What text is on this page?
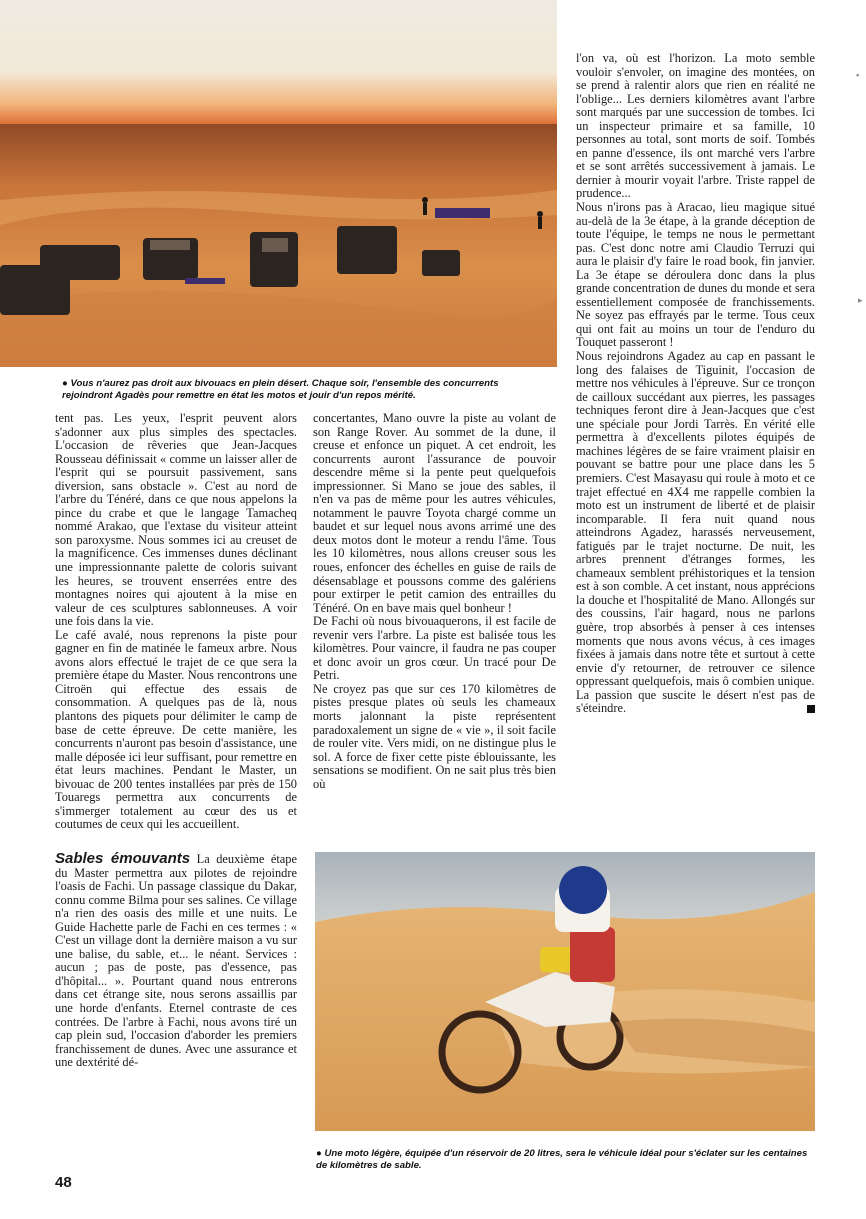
● Vous n'aurez pas droit aux bivouacs en plein désert. Chaque soir, l'ensemble des concurrents rejoindront Agadès pour remettre en état les motos et jouir d'un repos mérité.

tent pas. Les yeux, l'esprit peuvent alors s'adonner aux plus simples des spectacles. L'occasion de rêveries que Jean-Jacques Rousseau définissait « comme un laisser aller de l'esprit qui se poursuit passivement, sans diversion, sans obstacle ». C'est au nord de l'arbre du Ténéré, dans ce que nous appelons la pince du crabe et que le langage Tamacheq nommé Arakao, que l'extase du visiteur atteint son paroxysme. Nous sommes ici au creuset de la magnificence. Ces immenses dunes déclinant une impressionnante palette de coloris suivant les heures, se trouvent enserrées entre des montagnes noires qui ajoutent à la mise en valeur de ces sculptures sablonneuses. A voir une fois dans la vie.

Le café avalé, nous reprenons la piste pour gagner en fin de matinée le fameux arbre. Nous avons alors effectué le trajet de ce que sera la première étape du Master. Nous rencontrons une Citroën qui effectue des essais de consommation. A quelques pas de là, nous plantons des piquets pour délimiter le camp de base de cette épreuve. De cette manière, les concurrents n'auront pas besoin d'assistance, une malle déposée ici leur suffisant, pour remettre en état leurs machines. Pendant le Master, un bivouac de 200 tentes installées par près de 150 Touaregs permettra aux concurrents de s'immerger totalement au cœur des us et coutumes de ceux qui les accueillent.

Sables émouvants La deuxième étape du Master permettra aux pilotes de rejoindre l'oasis de Fachi. Un passage classique du Dakar, connu comme Bilma pour ses salines. Ce village n'a rien des oasis des mille et une nuits. Le Guide Hachette parle de Fachi en ces termes : « C'est un village dont la dernière maison a vu sur une balise, du sable, et... le néant. Services : aucun ; pas de poste, pas d'essence, pas d'hôpital... ». Pourtant quand nous entrerons dans cet étrange site, nous serons assaillis par une horde d'enfants. Eternel contraste de ces contrées. De l'arbre à Fachi, nous avons tiré un cap plein sud, l'occasion d'aborder les premiers franchissement de dunes. Avec une assurance et une dextérité dé-

concertantes, Mano ouvre la piste au volant de son Range Rover. Au sommet de la dune, il creuse et enfonce un piquet. A cet endroit, les concurrents auront l'assurance de pouvoir descendre même si la pente peut quelquefois impressionner. Si Mano se joue des sables, il n'en va pas de même pour les autres véhicules, notamment le pauvre Toyota chargé comme un baudet et sur lequel nous avons arrimé une des deux motos dont le moteur a rendu l'âme. Tous les 10 kilomètres, nous allons creuser sous les roues, enfoncer des échelles en guise de rails de désensablage et poussons comme des galériens pour extirper le petit camion des entrailles du Ténéré. On en bave mais quel bonheur !

De Fachi où nous bivouaquerons, il est facile de revenir vers l'arbre. La piste est balisée tous les kilomètres. Pour vaincre, il faudra ne pas couper et donc avoir un gros cœur. Un tracé pour De Petri.

Ne croyez pas que sur ces 170 kilomètres de pistes presque plates où seuls les chameaux morts jalonnant la piste représentent paradoxalement un signe de « vie », il soit facile de rouler vite. Vers midi, on ne distingue plus le sol. A force de fixer cette piste éblouissante, les sensations se modifient. On ne sait plus très bien où

l'on va, où est l'horizon. La moto semble vouloir s'envoler, on imagine des montées, on se prend à ralentir alors que rien en réalité ne l'oblige... Les derniers kilomètres avant l'arbre sont marqués par une succession de tombes. Ici un inspecteur primaire et sa famille, 10 personnes au total, sont morts de soif. Tombés en panne d'essence, ils ont marché vers l'arbre et se sont arrêtés successivement à jamais. Le dernier à mourir voyait l'arbre. Triste rappel de prudence...

Nous n'irons pas à Aracao, lieu magique situé au-delà de la 3e étape, à la grande déception de toute l'équipe, le temps ne nous le permettant pas. C'est donc notre ami Claudio Terruzi qui aura le plaisir d'y faire le road book, fin janvier. La 3e étape se déroulera donc dans la plus grande concentration de dunes du monde et sera essentiellement composée de franchissements. Ne soyez pas effrayés par le terme. Tous ceux qui ont fait au moins un tour de l'enduro du Touquet passeront !

Nous rejoindrons Agadez au cap en passant le long des falaises de Tiguinit, l'occasion de mettre nos véhicules à l'épreuve. Sur ce tronçon de cailloux succédant aux pierres, les passages techniques feront dire à Jean-Jacques que c'est une spéciale pour Jordi Tarrès. En vérité elle permettra à d'excellents pilotes équipés de machines légères de se faire vraiment plaisir en pouvant se battre pour une place dans les 5 premiers. C'est Masayasu qui roule à moto et ce trajet effectué en 4X4 me rappelle combien la moto est un instrument de liberté et de plaisir incomparable. Il fera nuit quand nous atteindrons Agadez, harassés nerveusement, fatigués par le trajet nocturne. De nuit, les arbres prennent d'étranges formes, les chameaux semblent préhistoriques et la tension est à son comble. A cet instant, nous apprécions la douche et l'hospitalité de Mano. Allongés sur des coussins, l'air hagard, nous ne parlons guère, trop absorbés à penser à ces intenses moments que nous avons vécus, à ces images fixées à jamais dans notre tête et surtout à cette envie d'y retourner, de retrouver ce silence oppressant quelquefois, mais ô combien unique.

La passion que suscite le désert n'est pas de s'éteindre.

● Une moto légère, équipée d'un réservoir de 20 litres, sera le véhicule idéal pour s'éclater sur les centaines de kilomètres de sable.
48
▪
▸
